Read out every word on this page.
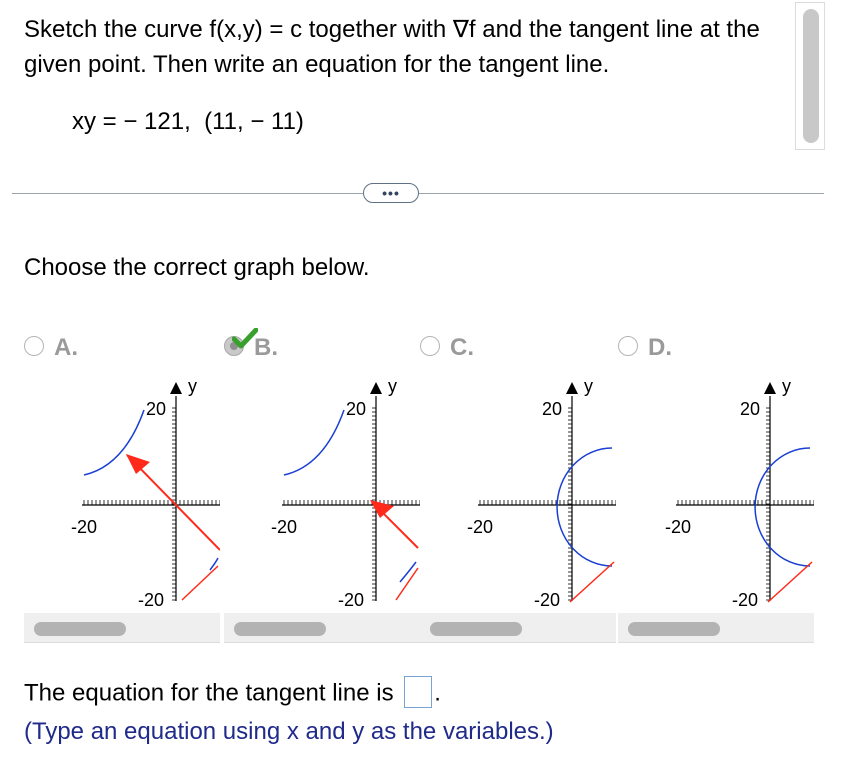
Sketch the curve f(x,y) = c together with ∇f and the tangent line at the given point. Then write an equation for the tangent line.

xy = − 121,  (11, − 11)
•••
Choose the correct graph below.
A.
y
20
-20
-20
B.
y
20
-20
-20
C.
y
20
-20
-20
D.
y
20
-20
-20
The equation for the tangent line is .
(Type an equation using x and y as the variables.)
